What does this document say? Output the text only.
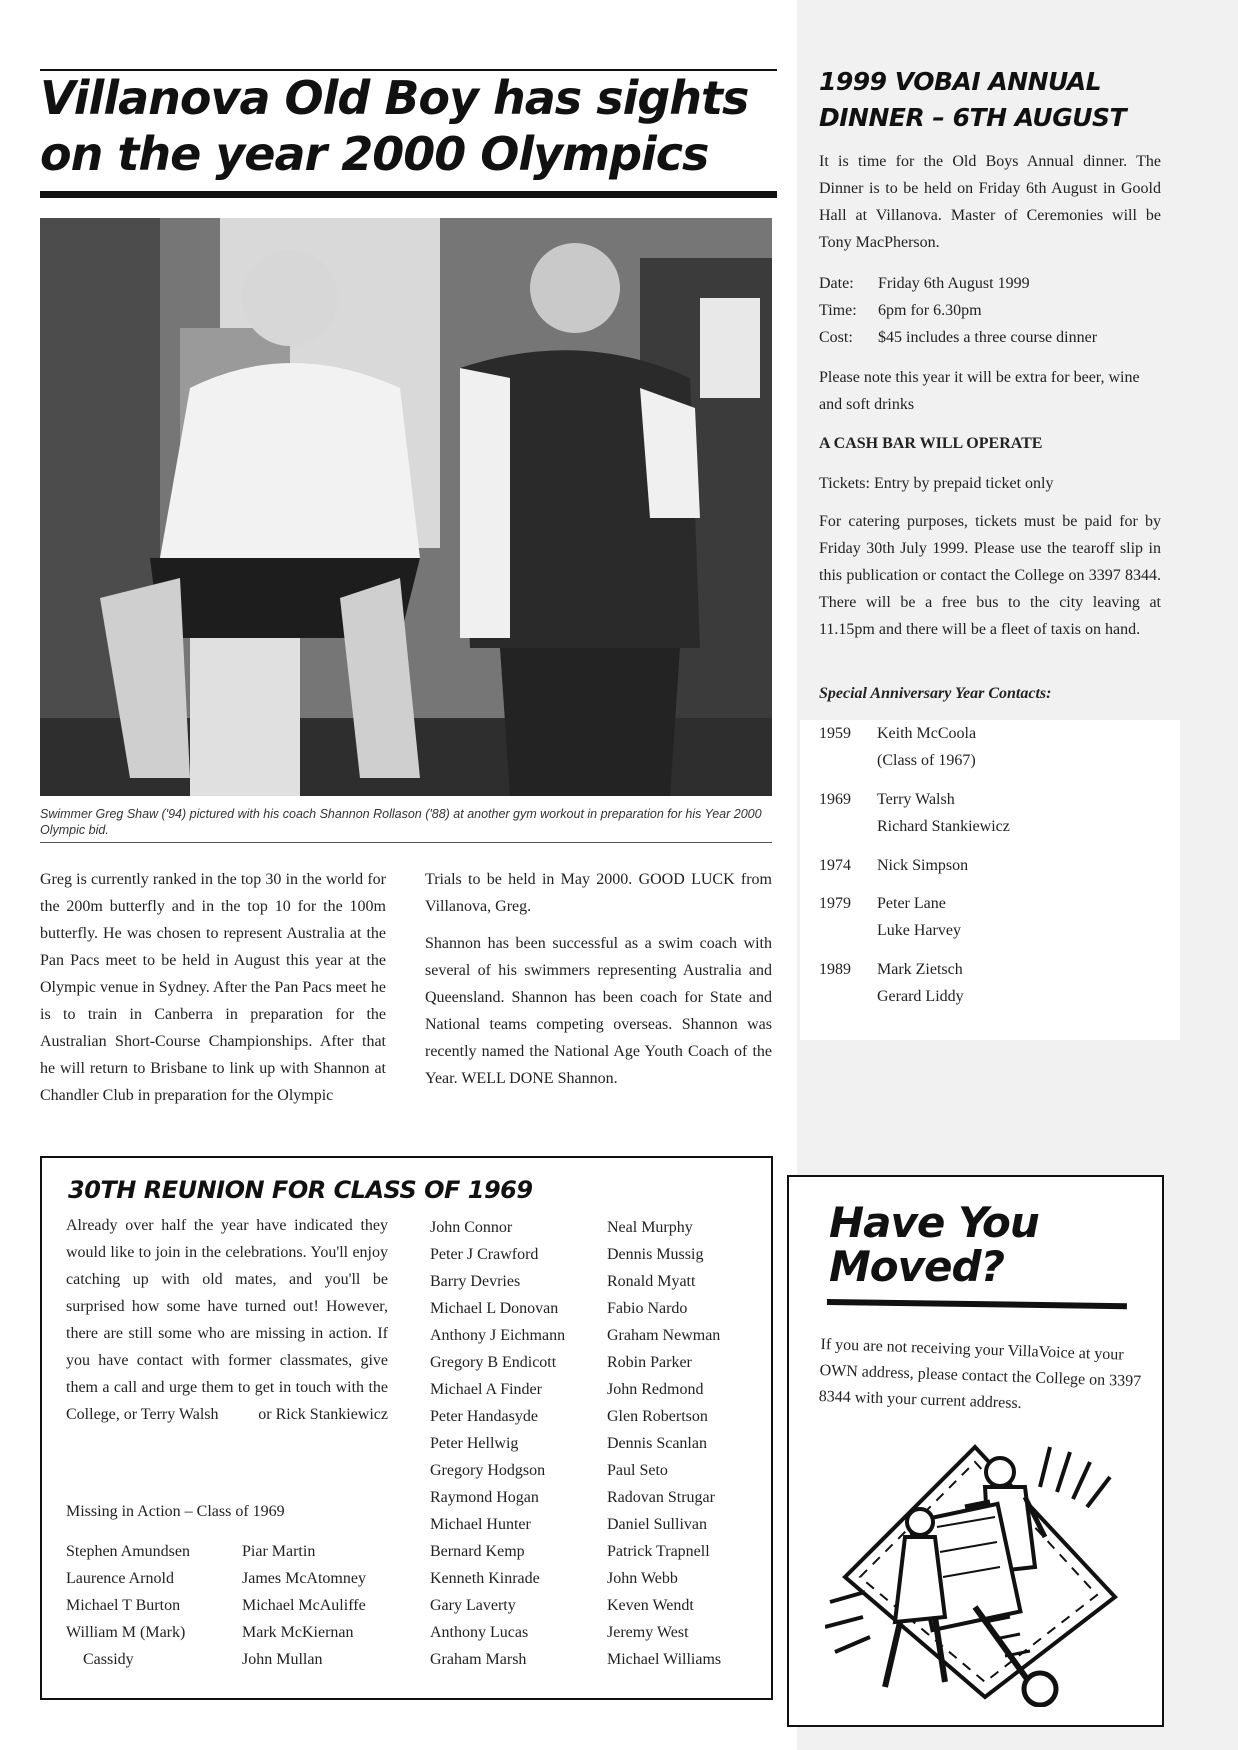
Villanova Old Boy has sights on the year 2000 Olympics

Swimmer Greg Shaw ('94) pictured with his coach Shannon Rollason ('88) at another gym workout in preparation for his Year 2000 Olympic bid.

Greg is currently ranked in the top 30 in the world for the 200m butterfly and in the top 10 for the 100m butterfly. He was chosen to represent Australia at the Pan Pacs meet to be held in August this year at the Olympic venue in Sydney. After the Pan Pacs meet he is to train in Canberra in preparation for the Australian Short-Course Championships. After that he will return to Brisbane to link up with Shannon at Chandler Club in preparation for the Olympic

Trials to be held in May 2000. GOOD LUCK from Villanova, Greg.

Shannon has been successful as a swim coach with several of his swimmers representing Australia and Queensland. Shannon has been coach for State and National teams competing overseas. Shannon was recently named the National Age Youth Coach of the Year. WELL DONE Shannon.

1999 VOBAI ANNUAL DINNER – 6TH AUGUST

It is time for the Old Boys Annual dinner. The Dinner is to be held on Friday 6th August in Goold Hall at Villanova. Master of Ceremonies will be Tony MacPherson.

Date:	Friday 6th August 1999
Time:	6pm for 6.30pm
Cost:	$45 includes a three course dinner

Please note this year it will be extra for beer, wine and soft drinks

A CASH BAR WILL OPERATE

Tickets: Entry by prepaid ticket only

For catering purposes, tickets must be paid for by Friday 30th July 1999. Please use the tearoff slip in this publication or contact the College on 3397 8344. There will be a free bus to the city leaving at 11.15pm and there will be a fleet of taxis on hand.

Special Anniversary Year Contacts:

1959	Keith McCoola
(Class of 1967)
1969	Terry Walsh
Richard Stankiewicz
1974	Nick Simpson
1979	Peter Lane
Luke Harvey
1989	Mark Zietsch
Gerard Liddy
30TH REUNION FOR CLASS OF 1969

Already over half the year have indicated they would like to join in the celebrations. You'll enjoy catching up with old mates, and you'll be surprised how some have turned out! However, there are still some who are missing in action. If you have contact with former classmates, give them a call and urge them to get in touch with the College, or Terry Walsh	or Rick Stankiewicz

Missing in Action – Class of 1969

Stephen Amundsen
Laurence Arnold
Michael T Burton
William M (Mark)
Cassidy
Piar Martin
James McAtomney
Michael McAuliffe
Mark McKiernan
John Mullan
John Connor
Peter J Crawford
Barry Devries
Michael L Donovan
Anthony J Eichmann
Gregory B Endicott
Michael A Finder
Peter Handasyde
Peter Hellwig
Gregory Hodgson
Raymond Hogan
Michael Hunter
Bernard Kemp
Kenneth Kinrade
Gary Laverty
Anthony Lucas
Graham Marsh
Neal Murphy
Dennis Mussig
Ronald Myatt
Fabio Nardo
Graham Newman
Robin Parker
John Redmond
Glen Robertson
Dennis Scanlan
Paul Seto
Radovan Strugar
Daniel Sullivan
Patrick Trapnell
John Webb
Keven Wendt
Jeremy West
Michael Williams
Have You
Moved?

If you are not receiving your VillaVoice at your OWN address, please contact the College on 3397 8344 with your current address.
